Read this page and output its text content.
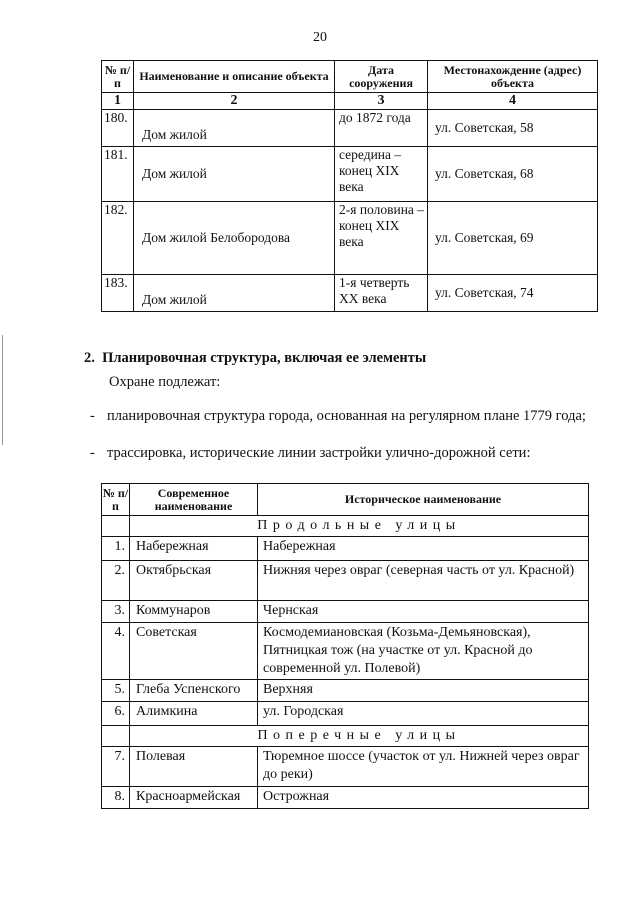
20
№ п/п	Наименование и описание объекта	Дата сооружения	Местонахождение (адрес) объекта
1	2	3	4
180.	Дом жилой	до 1872 года	ул. Советская, 58
181.	Дом жилой	середина – конец XIX века	ул. Советская, 68
182.	Дом жилой Белобородова	2-я половина – конец XIX века	ул. Советская, 69
183.	Дом жилой	1-я четверть XX века	ул. Советская, 74
2.  Планировочная структура, включая ее элементы
Охране подлежат:
- планировочная структура города, основанная на регулярном плане 1779 года;
- трассировка, исторические линии застройки улично-дорожной сети:
№ п/п	Современное наименование	Историческое наименование
	Продольные улицы	
1.	Набережная	Набережная
2.	Октябрьская	Нижняя через овраг (северная часть от ул. Красной)
3.	Коммунаров	Чернская
4.	Советская	Космодемиановская (Козьма-Демьяновская), Пятницкая тож (на участке от ул. Красной до современной ул. Полевой)
5.	Глеба Успенского	Верхняя
6.	Алимкина	ул. Городская
	Поперечные улицы	
7.	Полевая	Тюремное шоссе (участок от ул. Нижней через овраг до реки)
8.	Красноармейская	Острожная
